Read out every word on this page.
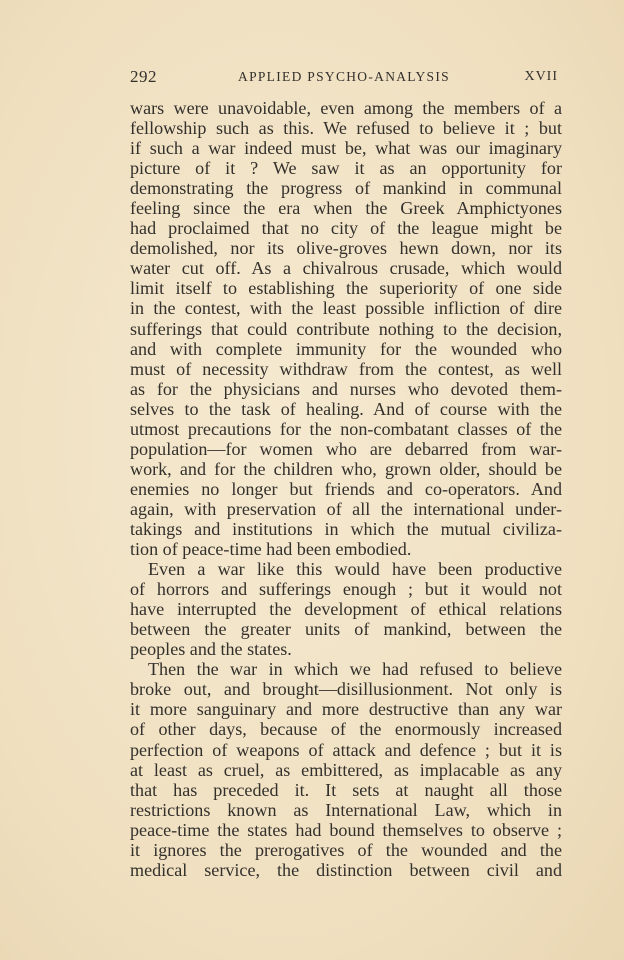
292	APPLIED PSYCHO-ANALYSIS	XVII
wars were unavoidable, even among the members of a
fellowship such as this. We refused to believe it ; but
if such a war indeed must be, what was our imaginary
picture of it ? We saw it as an opportunity for
demonstrating the progress of mankind in communal
feeling since the era when the Greek Amphictyones
had proclaimed that no city of the league might be
demolished, nor its olive-groves hewn down, nor its
water cut off. As a chivalrous crusade, which would
limit itself to establishing the superiority of one side
in the contest, with the least possible infliction of dire
sufferings that could contribute nothing to the decision,
and with complete immunity for the wounded who
must of necessity withdraw from the contest, as well
as for the physicians and nurses who devoted them-
selves to the task of healing. And of course with the
utmost precautions for the non-combatant classes of the
population—for women who are debarred from war-
work, and for the children who, grown older, should be
enemies no longer but friends and co-operators. And
again, with preservation of all the international under-
takings and institutions in which the mutual civiliza-
tion of peace-time had been embodied.
Even a war like this would have been productive
of horrors and sufferings enough ; but it would not
have interrupted the development of ethical relations
between the greater units of mankind, between the
peoples and the states.
Then the war in which we had refused to believe
broke out, and brought—disillusionment. Not only is
it more sanguinary and more destructive than any war
of other days, because of the enormously increased
perfection of weapons of attack and defence ; but it is
at least as cruel, as embittered, as implacable as any
that has preceded it. It sets at naught all those
restrictions known as International Law, which in
peace-time the states had bound themselves to observe ;
it ignores the prerogatives of the wounded and the
medical service, the distinction between civil and
